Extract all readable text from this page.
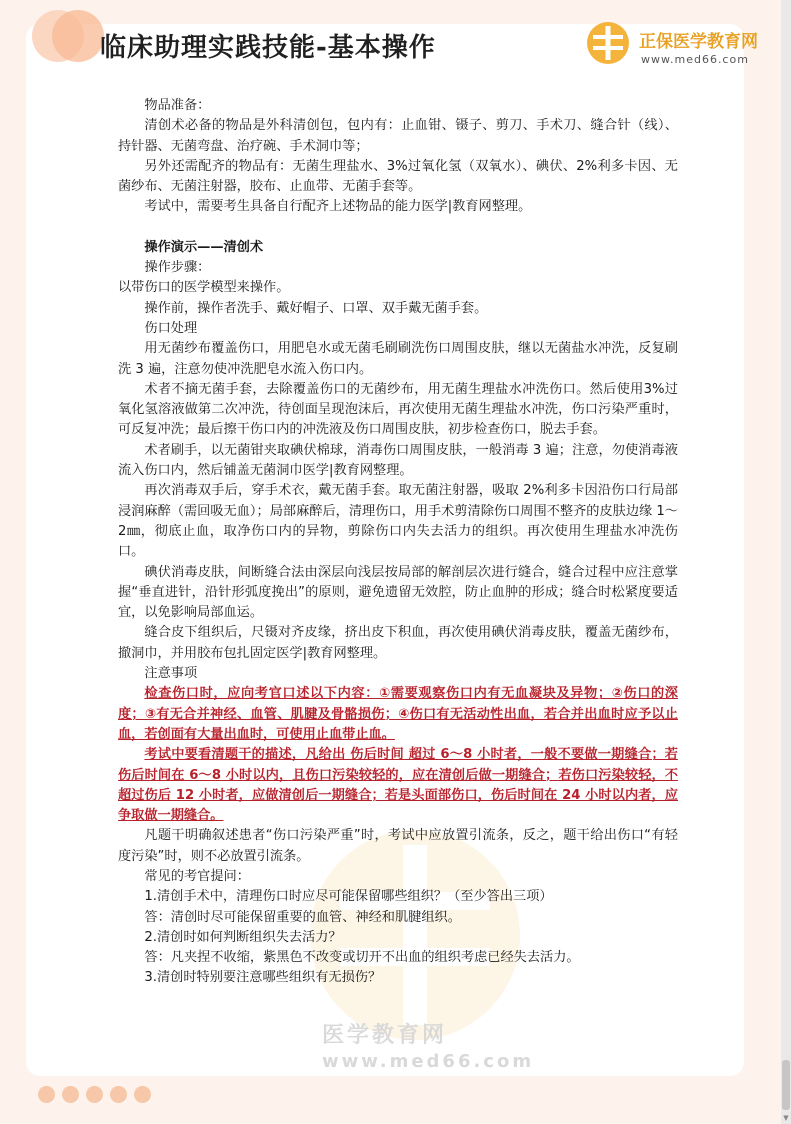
临床助理实践技能-基本操作	正保医学教育网
www.med66.com
医学教育网
www.med66.com

物品准备：

清创术必备的物品是外科清创包，包内有：止血钳、镊子、剪刀、手术刀、缝合针（线）、持针器、无菌弯盘、治疗碗、手术洞巾等；

另外还需配齐的物品有：无菌生理盐水、3%过氧化氢（双氧水）、碘伏、2%利多卡因、无菌纱布、无菌注射器，胶布、止血带、无菌手套等。

考试中，需要考生具备自行配齐上述物品的能力医学|教育网整理。

操作演示——清创术

操作步骤：

以带伤口的医学模型来操作。

操作前，操作者洗手、戴好帽子、口罩、双手戴无菌手套。

伤口处理

用无菌纱布覆盖伤口，用肥皂水或无菌毛刷刷洗伤口周围皮肤，继以无菌盐水冲洗，反复刷洗 3 遍，注意勿使冲洗肥皂水流入伤口内。

术者不摘无菌手套，去除覆盖伤口的无菌纱布，用无菌生理盐水冲洗伤口。然后使用3%过氧化氢溶液做第二次冲洗，待创面呈现泡沫后，再次使用无菌生理盐水冲洗，伤口污染严重时，可反复冲洗；最后擦干伤口内的冲洗液及伤口周围皮肤，初步检查伤口，脱去手套。

术者刷手，以无菌钳夹取碘伏棉球，消毒伤口周围皮肤，一般消毒 3 遍；注意，勿使消毒液流入伤口内，然后铺盖无菌洞巾医学|教育网整理。

再次消毒双手后，穿手术衣，戴无菌手套。取无菌注射器，吸取 2%利多卡因沿伤口行局部浸润麻醉（需回吸无血）；局部麻醉后，清理伤口，用手术剪清除伤口周围不整齐的皮肤边缘 1～2㎜，彻底止血，取净伤口内的异物，剪除伤口内失去活力的组织。再次使用生理盐水冲洗伤口。

碘伏消毒皮肤，间断缝合法由深层向浅层按局部的解剖层次进行缝合，缝合过程中应注意掌握“垂直进针，沿针形弧度挽出”的原则，避免遗留无效腔，防止血肿的形成；缝合时松紧度要适宜，以免影响局部血运。

缝合皮下组织后，尺镊对齐皮缘，挤出皮下积血，再次使用碘伏消毒皮肤，覆盖无菌纱布，撤洞巾，并用胶布包扎固定医学|教育网整理。

注意事项

检查伤口时，应向考官口述以下内容：①需要观察伤口内有无血凝块及异物；②伤口的深度；③有无合并神经、血管、肌腱及骨骼损伤；④伤口有无活动性出血，若合并出血时应予以止血，若创面有大量出血时，可使用止血带止血。

考试中要看清题干的描述，凡给出 伤后时间 超过 6～8 小时者，一般不要做一期缝合；若伤后时间在 6～8 小时以内，且伤口污染较轻的，应在清创后做一期缝合；若伤口污染较轻，不超过伤后 12 小时者，应做清创后一期缝合；若是头面部伤口，伤后时间在 24 小时以内者，应争取做一期缝合。

凡题干明确叙述患者“伤口污染严重”时，考试中应放置引流条，反之，题干给出伤口“有轻度污染”时，则不必放置引流条。

常见的考官提问：

1.清创手术中，清理伤口时应尽可能保留哪些组织？（至少答出三项）

答：清创时尽可能保留重要的血管、神经和肌腱组织。

2.清创时如何判断组织失去活力？

答：凡夹捏不收缩，紫黑色不改变或切开不出血的组织考虑已经失去活力。

3.清创时特别要注意哪些组织有无损伤？

▼
